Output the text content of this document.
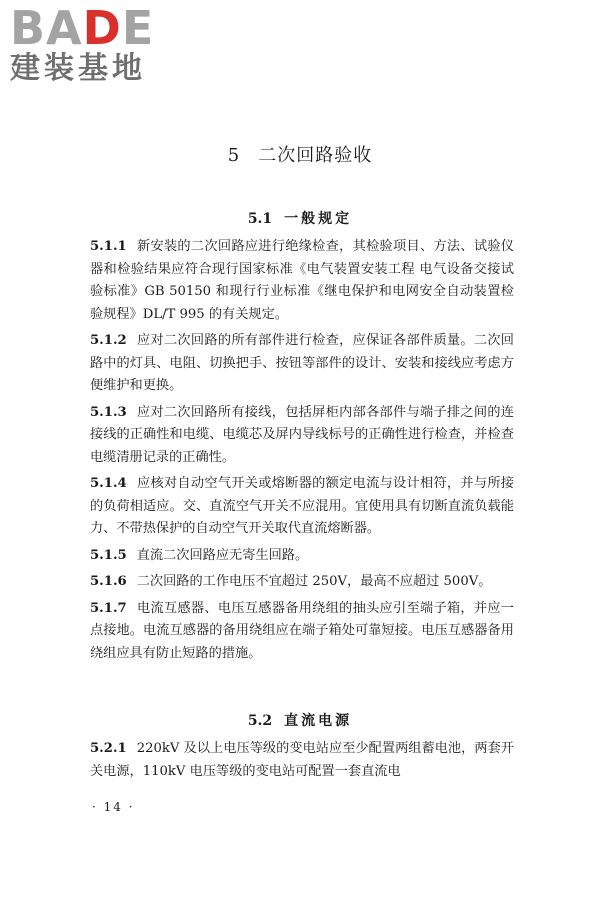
BADE
建装基地
5 二次回路验收
5.1 一般规定

5.1.1 新安装的二次回路应进行绝缘检查，其检验项目、方法、试验仪器和检验结果应符合现行国家标准《电气装置安装工程 电气设备交接试验标准》GB 50150 和现行行业标准《继电保护和电网安全自动装置检验规程》DL/T 995 的有关规定。

5.1.2 应对二次回路的所有部件进行检查，应保证各部件质量。二次回路中的灯具、电阻、切换把手、按钮等部件的设计、安装和接线应考虑方便维护和更换。

5.1.3 应对二次回路所有接线，包括屏柜内部各部件与端子排之间的连接线的正确性和电缆、电缆芯及屏内导线标号的正确性进行检查，并检查电缆清册记录的正确性。

5.1.4 应核对自动空气开关或熔断器的额定电流与设计相符，并与所接的负荷相适应。交、直流空气开关不应混用。宜使用具有切断直流负载能力、不带热保护的自动空气开关取代直流熔断器。

5.1.5 直流二次回路应无寄生回路。

5.1.6 二次回路的工作电压不宜超过 250V，最高不应超过 500V。

5.1.7 电流互感器、电压互感器备用绕组的抽头应引至端子箱，并应一点接地。电流互感器的备用绕组应在端子箱处可靠短接。电压互感器备用绕组应具有防止短路的措施。

5.2 直流电源

5.2.1 220kV 及以上电压等级的变电站应至少配置两组蓄电池，两套开关电源，110kV 电压等级的变电站可配置一套直流电

· 14 ·
